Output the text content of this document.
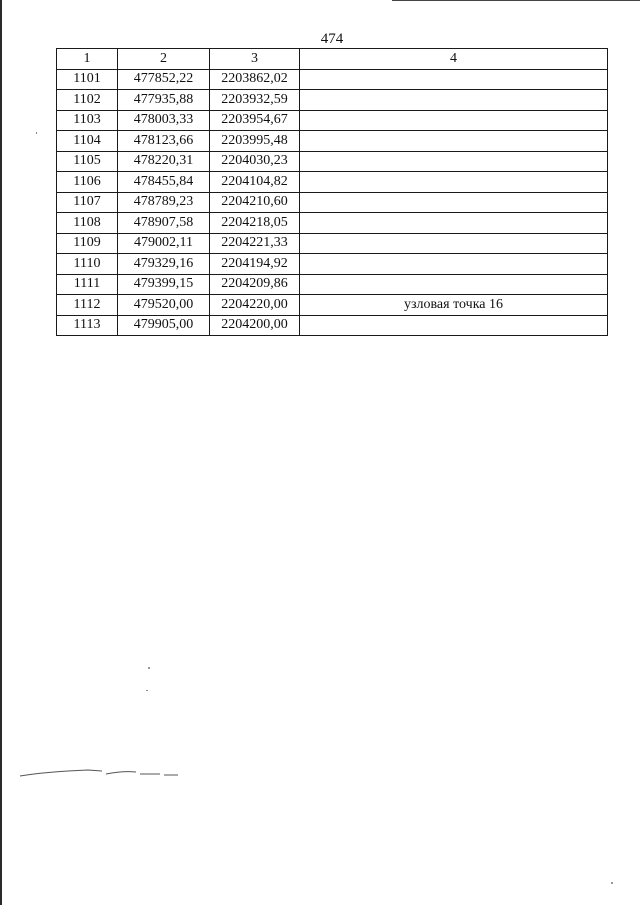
474
1	2	3	4
1101	477852,22	2203862,02	
1102	477935,88	2203932,59	
1103	478003,33	2203954,67	
1104	478123,66	2203995,48	
1105	478220,31	2204030,23	
1106	478455,84	2204104,82	
1107	478789,23	2204210,60	
1108	478907,58	2204218,05	
1109	479002,11	2204221,33	
1110	479329,16	2204194,92	
1111	479399,15	2204209,86	
1112	479520,00	2204220,00	узловая точка 16
1113	479905,00	2204200,00	
